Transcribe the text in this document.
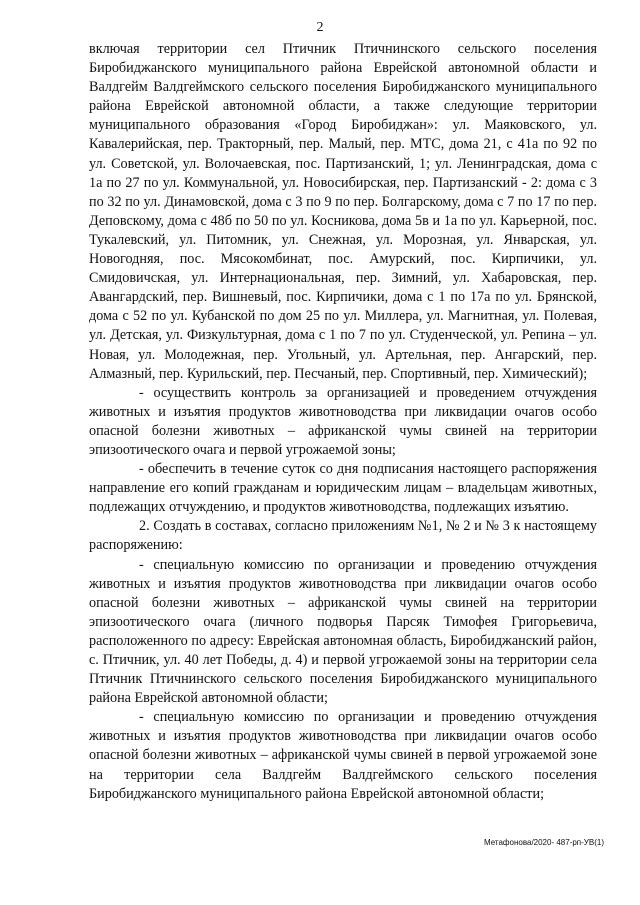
2

включая территории сел Птичник Птичнинского сельского поселения Биробиджанского муниципального района Еврейской автономной области и Валдгейм Валдгеймского сельского поселения Биробиджанского муниципального района Еврейской автономной области, а также следующие территории муниципального образования «Город Биробиджан»: ул. Маяковского, ул. Кавалерийская, пер. Тракторный, пер. Малый, пер. МТС, дома 21, с 41а по 92 по ул. Советской, ул. Волочаевская, пос. Партизанский, 1; ул. Ленинградская, дома с 1а по 27 по ул. Коммунальной, ул. Новосибирская, пер. Партизанский - 2: дома с 3 по 32 по ул. Динамовской, дома с 3 по 9 по пер. Болгарскому, дома с 7 по 17 по пер. Деповскому, дома с 48б по 50 по ул. Косникова, дома 5в и 1а по ул. Карьерной, пос. Тукалевский, ул. Питомник, ул. Снежная, ул. Морозная, ул. Январская, ул. Новогодняя, пос. Мясокомбинат, пос. Амурский, пос. Кирпичики, ул. Смидовичская, ул. Интернациональная, пер. Зимний, ул. Хабаровская, пер. Авангардский, пер. Вишневый, пос. Кирпичики, дома с 1 по 17а по ул. Брянской, дома с 52 по ул. Кубанской по дом 25 по ул. Миллера, ул. Магнитная, ул. Полевая, ул. Детская, ул. Физкультурная, дома с 1 по 7 по ул. Студенческой, ул. Репина – ул. Новая, ул. Молодежная, пер. Угольный, ул. Артельная, пер. Ангарский, пер. Алмазный, пер. Курильский, пер. Песчаный, пер. Спортивный, пер. Химический);

- осуществить контроль за организацией и проведением отчуждения животных и изъятия продуктов животноводства при ликвидации очагов особо опасной болезни животных – африканской чумы свиней на территории эпизоотического очага и первой угрожаемой зоны;

- обеспечить в течение суток со дня подписания настоящего распоряжения направление его копий гражданам и юридическим лицам – владельцам животных, подлежащих отчуждению, и продуктов животноводства, подлежащих изъятию.

2. Создать в составах, согласно приложениям №1, № 2 и № 3 к настоящему распоряжению:

- специальную комиссию по организации и проведению отчуждения животных и изъятия продуктов животноводства при ликвидации очагов особо опасной болезни животных – африканской чумы свиней на территории эпизоотического очага (личного подворья Парсяк Тимофея Григорьевича, расположенного по адресу: Еврейская автономная область, Биробиджанский район, с. Птичник, ул. 40 лет Победы, д. 4) и первой угрожаемой зоны на территории села Птичник Птичнинского сельского поселения Биробиджанского муниципального района Еврейской автономной области;

- специальную комиссию по организации и проведению отчуждения животных и изъятия продуктов животноводства при ликвидации очагов особо опасной болезни животных – африканской чумы свиней в первой угрожаемой зоне на территории села Валдгейм Валдгеймского сельского поселения Биробиджанского муниципального района Еврейской автономной области;

Метафонова/2020- 487-рп-УВ(1)
